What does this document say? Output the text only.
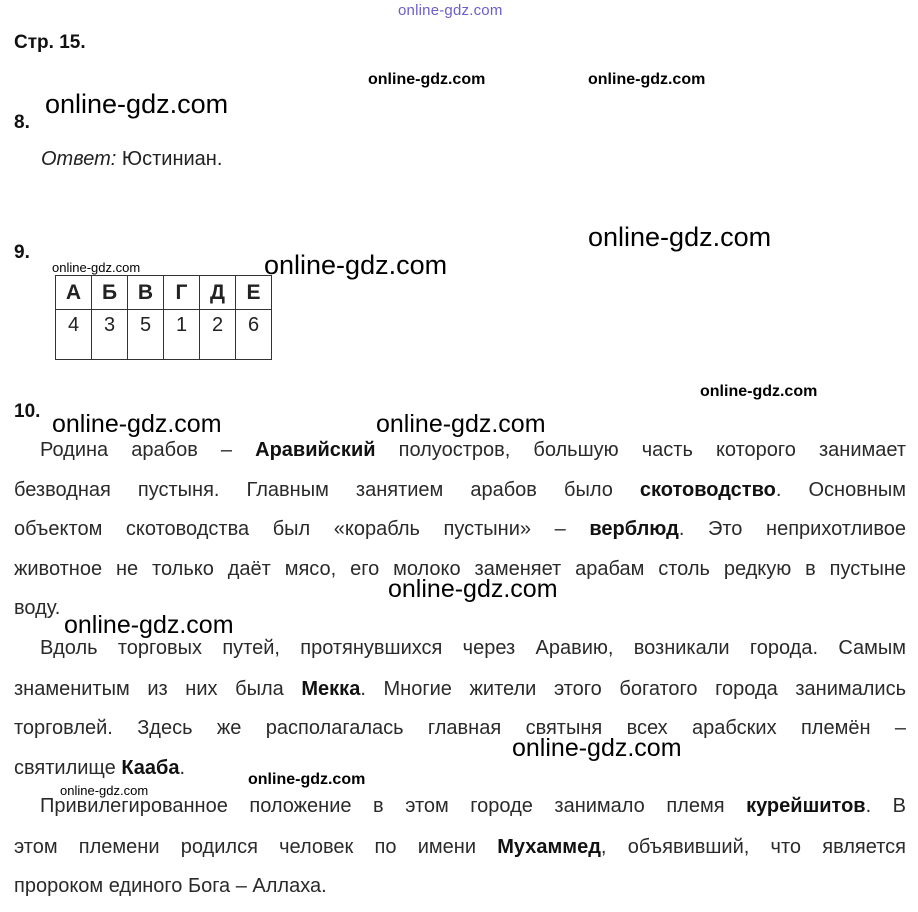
online-gdz.com
online-gdz.com	online-gdz.com
online-gdz.com
online-gdz.com
online-gdz.com
online-gdz.com
online-gdz.com
online-gdz.com	online-gdz.com
online-gdz.com
online-gdz.com
online-gdz.com
online-gdz.com
online-gdz.com
Стр. 15.
8.
Ответ: Юстиниан.
9.
А	Б	В	Г	Д	Е
4	3	5	1	2	6
10.
Родина арабов – Аравийский полуостров, большую часть которого занимает
безводная пустыня. Главным занятием арабов было скотоводство. Основным
объектом скотоводства был «корабль пустыни» – верблюд. Это неприхотливое
животное не только даёт мясо, его молоко заменяет арабам столь редкую в пустыне
воду.
Вдоль торговых путей, протянувшихся через Аравию, возникали города. Самым
знаменитым из них была Мекка. Многие жители этого богатого города занимались
торговлей. Здесь же располагалась главная святыня всех арабских племён –
святилище Кааба.
Привилегированное положение в этом городе занимало племя курейшитов. В
этом племени родился человек по имени Мухаммед, объявивший, что является
пророком единого Бога – Аллаха.
